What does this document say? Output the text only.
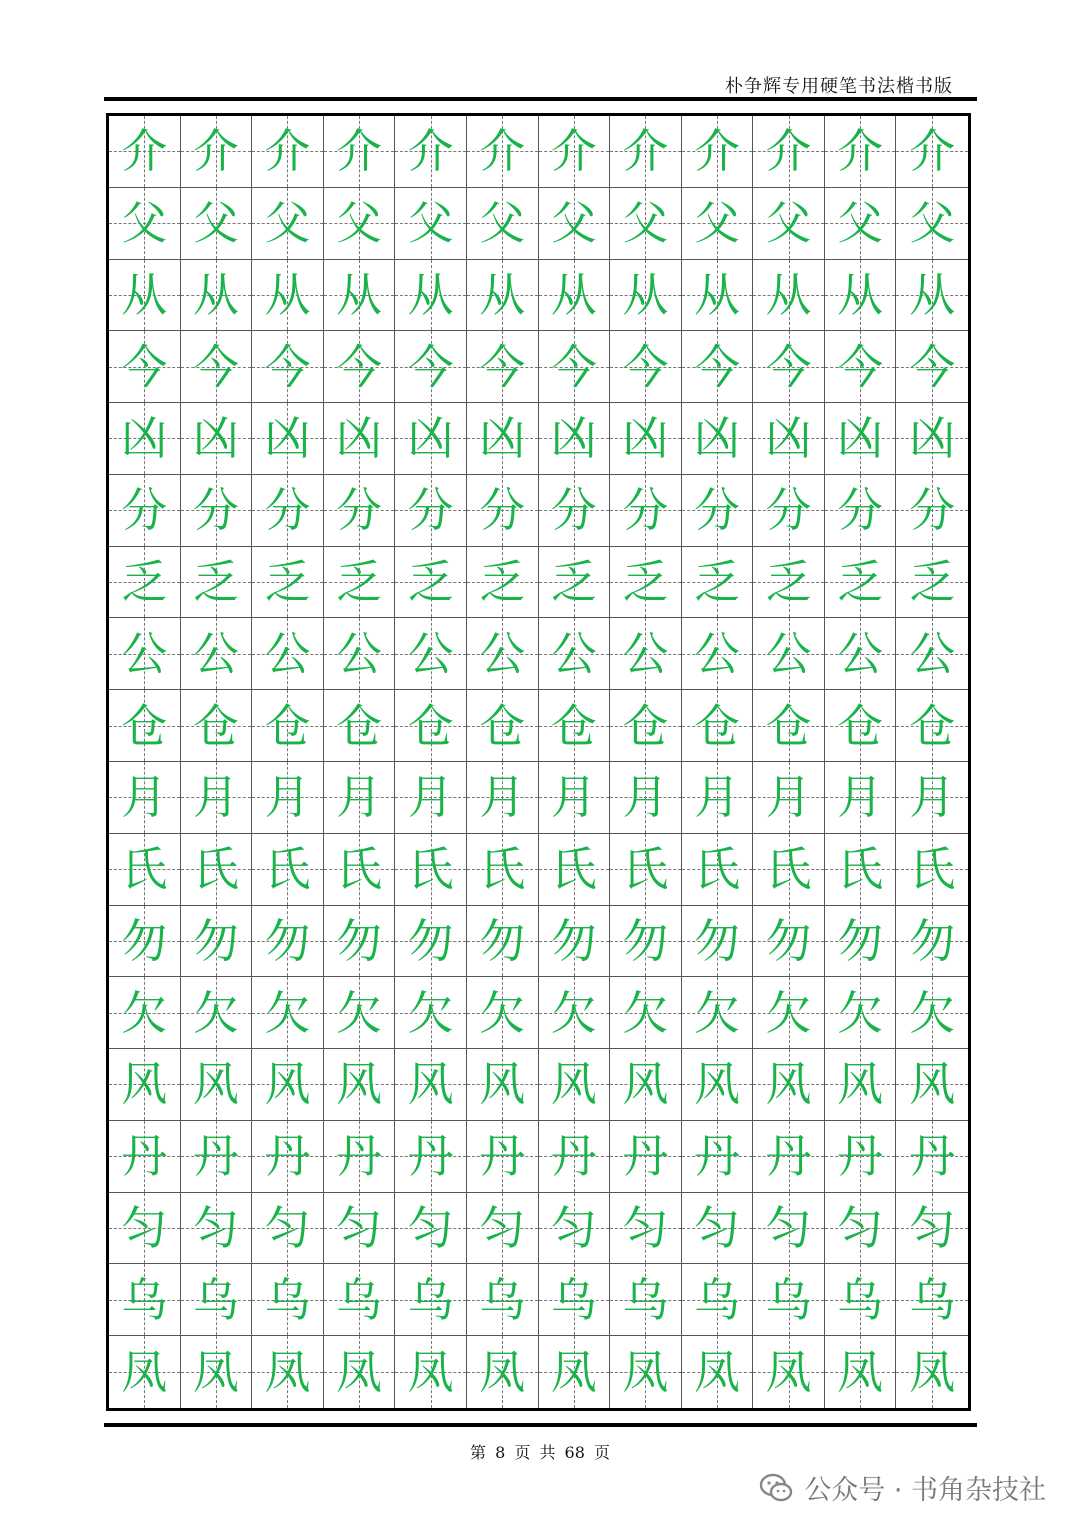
朴争辉专用硬笔书法楷书版
介 介 介 介 介 介 介 介 介 介 介 介
父 父 父 父 父 父 父 父 父 父 父 父
从 从 从 从 从 从 从 从 从 从 从 从
今 今 今 今 今 今 今 今 今 今 今 今
凶 凶 凶 凶 凶 凶 凶 凶 凶 凶 凶 凶
分 分 分 分 分 分 分 分 分 分 分 分
乏 乏 乏 乏 乏 乏 乏 乏 乏 乏 乏 乏
公 公 公 公 公 公 公 公 公 公 公 公
仓 仓 仓 仓 仓 仓 仓 仓 仓 仓 仓 仓
月 月 月 月 月 月 月 月 月 月 月 月
氏 氏 氏 氏 氏 氏 氏 氏 氏 氏 氏 氏
勿 勿 勿 勿 勿 勿 勿 勿 勿 勿 勿 勿
欠 欠 欠 欠 欠 欠 欠 欠 欠 欠 欠 欠
风 风 风 风 风 风 风 风 风 风 风 风
丹 丹 丹 丹 丹 丹 丹 丹 丹 丹 丹 丹
匀 匀 匀 匀 匀 匀 匀 匀 匀 匀 匀 匀
乌 乌 乌 乌 乌 乌 乌 乌 乌 乌 乌 乌
凤 凤 凤 凤 凤 凤 凤 凤 凤 凤 凤 凤
第 8 页 共 68 页
公众号 · 书角杂技社
